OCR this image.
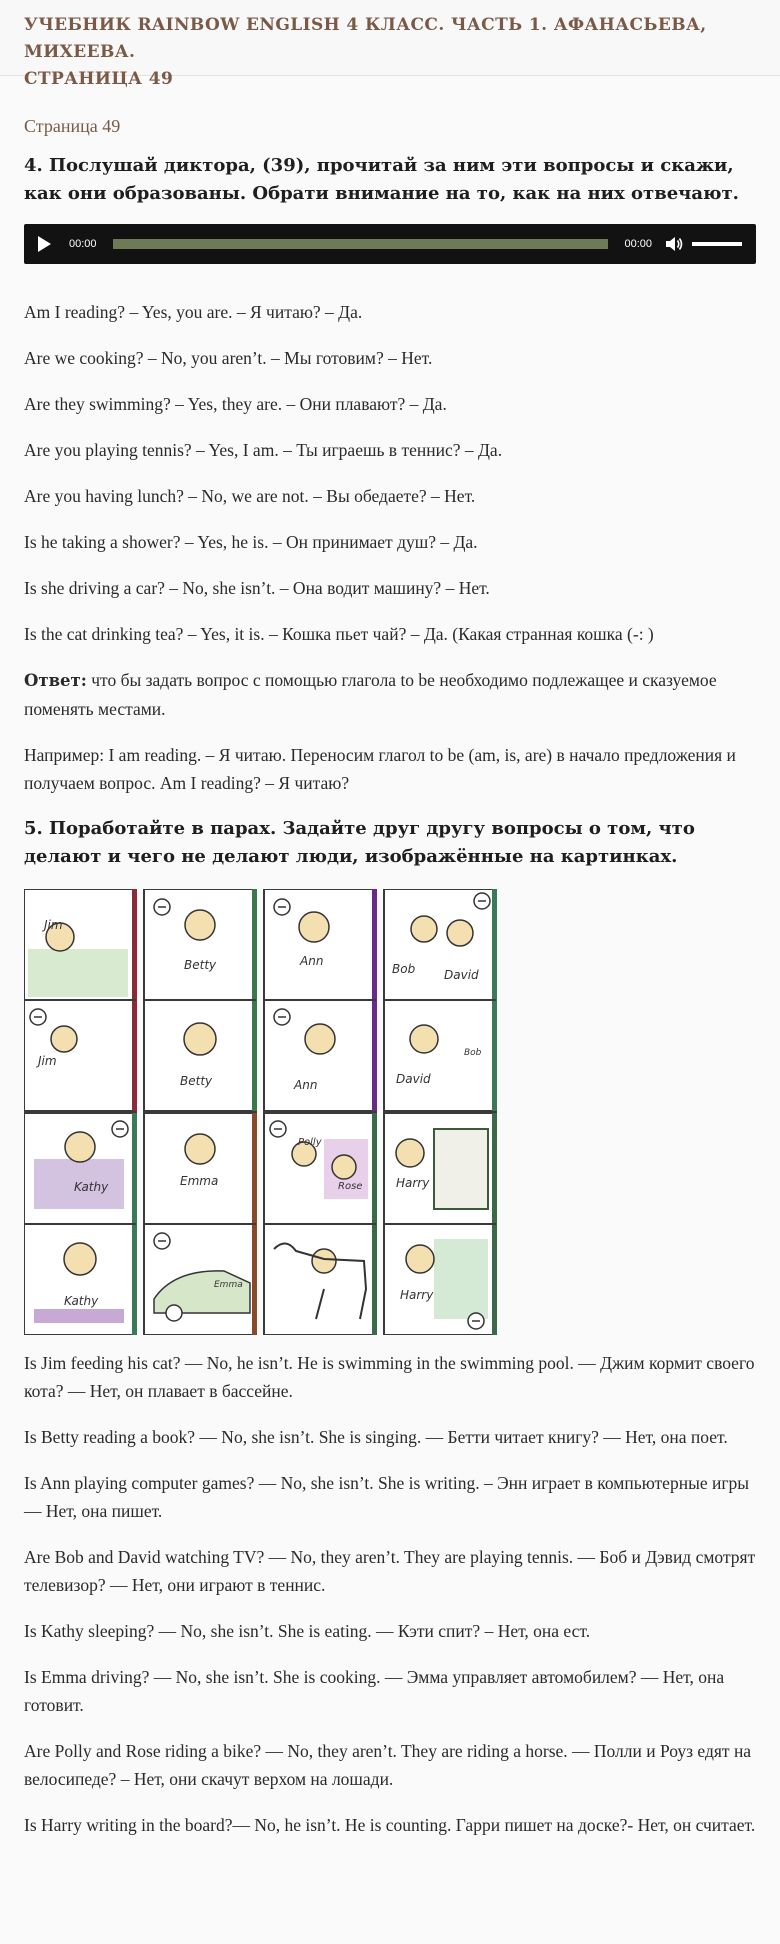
УЧЕБНИК RAINBOW ENGLISH 4 КЛАСС. ЧАСТЬ 1. АФАНАСЬЕВА, МИХЕЕВА.
СТРАНИЦА 49

Страница 49

4. Послушай диктора, (39), прочитай за ним эти вопросы и скажи, как они образованы. Обрати внимание на то, как на них отвечают.

00:00	00:00

Am I reading? – Yes, you are. – Я читаю? – Да.

Are we cooking? – No, you aren’t. – Мы готовим? – Нет.

Are they swimming? – Yes, they are. – Они плавают? – Да.

Are you playing tennis? – Yes, I am. – Ты играешь в теннис? – Да.

Are you having lunch? – No, we are not. – Вы обедаете? – Нет.

Is he taking a shower? – Yes, he is. – Он принимает душ? – Да.

Is she driving a car? – No, she isn’t. – Она водит машину? – Нет.

Is the cat drinking tea? – Yes, it is. – Кошка пьет чай? – Да. (Какая странная кошка (-: )

Ответ: что бы задать вопрос с помощью глагола to be необходимо подлежащее и сказуемое поменять местами.

Например: I am reading. – Я читаю. Переносим глагол to be (am, is, are) в начало предложения и получаем вопрос. Am I reading? – Я читаю?

5. Поработайте в парах. Задайте друг другу вопросы о том, что делают и чего не делают люди, изображённые на картинках.

Jim
Betty	Ann
Bob David
Jim
Betty	Ann	David
Bob
Kathy	Emma
Polly
Rose	Harry
Kathy
Emma
Harry

Is Jim feeding his cat? — No, he isn’t. He is swimming in the swimming pool. — Джим кормит своего кота? — Нет, он плавает в бассейне.

Is Betty reading a book? — No, she isn’t. She is singing. — Бетти читает книгу? — Нет, она поет.

Is Ann playing computer games? — No, she isn’t. She is writing. – Энн играет в компьютерные игры — Нет, она пишет.

Are Bob and David watching TV? — No, they aren’t. They are playing tennis. — Боб и Дэвид смотрят телевизор? — Нет, они играют в теннис.

Is Kathy sleeping? — No, she isn’t. She is eating. — Кэти спит? – Нет, она ест.

Is Emma driving? — No, she isn’t. She is cooking. — Эмма управляет автомобилем? — Нет, она готовит.

Are Polly and Rose riding a bike? — No, they aren’t. They are riding a horse. — Полли и Роуз едят на велосипеде? – Нет, они скачут верхом на лошади.

Is Harry writing in the board?— No, he isn’t. He is counting. Гарри пишет на доске?- Нет, он считает.
